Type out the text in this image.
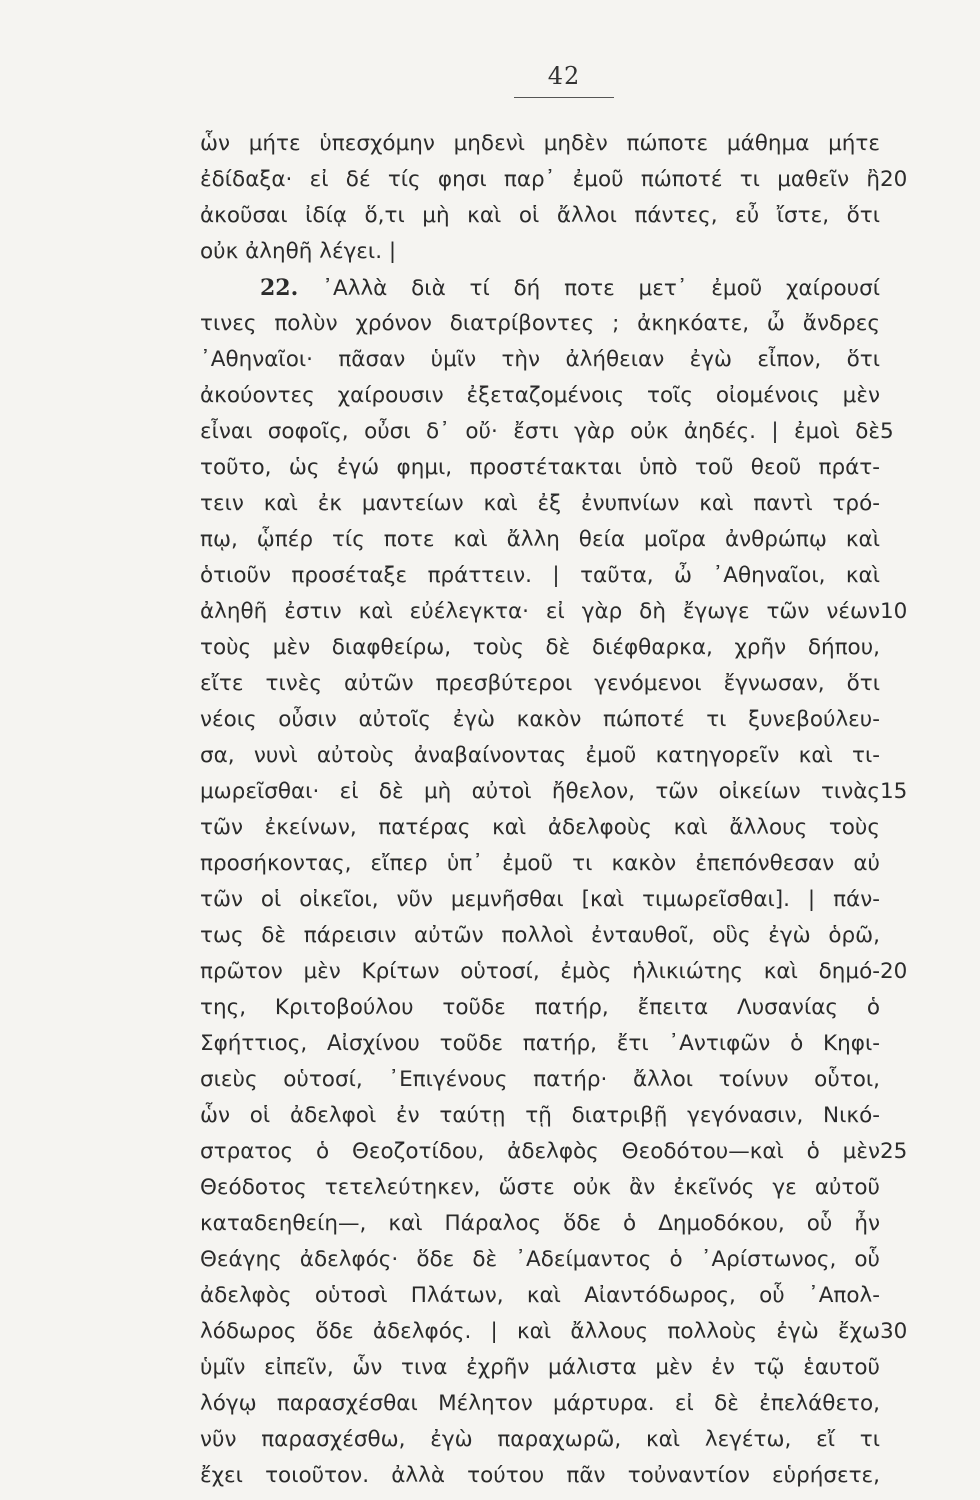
42
ὧν μήτε ὑπεσχόμην μηδενὶ μηδὲν πώποτε μάθημα μήτε
ἐδίδαξα· εἰ δέ τίς φησι παρ᾿ ἐμοῦ πώποτέ τι μαθεῖν ἢ
ἀκοῦσαι ἰδίᾳ ὅ,τι μὴ καὶ οἱ ἄλλοι πάντες, εὖ ἴστε, ὅτι
οὐκ ἀληθῆ λέγει. |
22. ᾿Αλλὰ διὰ τί δή ποτε μετ᾿ ἐμοῦ χαίρουσί
τινες πολὺν χρόνον διατρίβοντες ; ἀκηκόατε, ὦ ἄνδρες
᾿Αθηναῖοι· πᾶσαν ὑμῖν τὴν ἀλήθειαν ἐγὼ εἶπον, ὅτι
ἀκούοντες χαίρουσιν ἐξεταζομένοις τοῖς οἰομένοις μὲν
εἶναι σοφοῖς, οὖσι δ᾿ οὔ· ἔστι γὰρ οὐκ ἀηδές. | ἐμοὶ δὲ
τοῦτο, ὡς ἐγώ φημι, προστέτακται ὑπὸ τοῦ θεοῦ πράτ-
τειν καὶ ἐκ μαντείων καὶ ἐξ ἐνυπνίων καὶ παντὶ τρό-
πῳ, ᾧπέρ τίς ποτε καὶ ἄλλη θεία μοῖρα ἀνθρώπῳ καὶ
ὁτιοῦν προσέταξε πράττειν. | ταῦτα, ὦ ᾿Αθηναῖοι, καὶ
ἀληθῆ ἐστιν καὶ εὐέλεγκτα· εἰ γὰρ δὴ ἔγωγε τῶν νέων
τοὺς μὲν διαφθείρω, τοὺς δὲ διέφθαρκα, χρῆν δήπου,
εἴτε τινὲς αὐτῶν πρεσβύτεροι γενόμενοι ἔγνωσαν, ὅτι
νέοις οὖσιν αὐτοῖς ἐγὼ κακὸν πώποτέ τι ξυνεβούλευ-
σα, νυνὶ αὐτοὺς ἀναβαίνοντας ἐμοῦ κατηγορεῖν καὶ τι-
μωρεῖσθαι· εἰ δὲ μὴ αὐτοὶ ἤθελον, τῶν οἰκείων τινὰς
τῶν ἐκείνων, πατέρας καὶ ἀδελφοὺς καὶ ἄλλους τοὺς
προσήκοντας, εἴπερ ὑπ᾿ ἐμοῦ τι κακὸν ἐπεπόνθεσαν αὐ
τῶν οἱ οἰκεῖοι, νῦν μεμνῆσθαι [καὶ τιμωρεῖσθαι]. | πάν-
τως δὲ πάρεισιν αὐτῶν πολλοὶ ἐνταυθοῖ, οὓς ἐγὼ ὁρῶ,
πρῶτον μὲν Κρίτων οὑτοσί, ἐμὸς ἡλικιώτης καὶ δημό-
της, Κριτοβούλου τοῦδε πατήρ, ἔπειτα Λυσανίας ὁ
Σφήττιος, Αἰσχίνου τοῦδε πατήρ, ἔτι ᾿Αντιφῶν ὁ Κηφι-
σιεὺς οὑτοσί, ᾿Επιγένους πατήρ· ἄλλοι τοίνυν οὗτοι,
ὧν οἱ ἀδελφοὶ ἐν ταύτῃ τῇ διατριβῇ γεγόνασιν, Νικό-
στρατος ὁ Θεοζοτίδου, ἀδελφὸς Θεοδότου—καὶ ὁ μὲν
Θεόδοτος τετελεύτηκεν, ὥστε οὐκ ἂν ἐκεῖνός γε αὐτοῦ
καταδεηθείη—, καὶ Πάραλος ὅδε ὁ Δημοδόκου, οὗ ἦν
Θεάγης ἀδελφός· ὅδε δὲ ᾿Αδείμαντος ὁ ᾿Αρίστωνος, οὗ
ἀδελφὸς οὑτοσὶ Πλάτων, καὶ Αἰαντόδωρος, οὗ ᾿Απολ-
λόδωρος ὅδε ἀδελφός. | καὶ ἄλλους πολλοὺς ἐγὼ ἔχω
ὑμῖν εἰπεῖν, ὧν τινα ἐχρῆν μάλιστα μὲν ἐν τῷ ἑαυτοῦ
λόγῳ παρασχέσθαι Μέλητον μάρτυρα. εἰ δὲ ἐπελάθετο,
νῦν παρασχέσθω, ἐγὼ παραχωρῶ, καὶ λεγέτω, εἴ τι
ἔχει τοιοῦτον. ἀλλὰ τούτου πᾶν τοὐναντίον εὑρήσετε,
20
5
10
15
20
25
30
